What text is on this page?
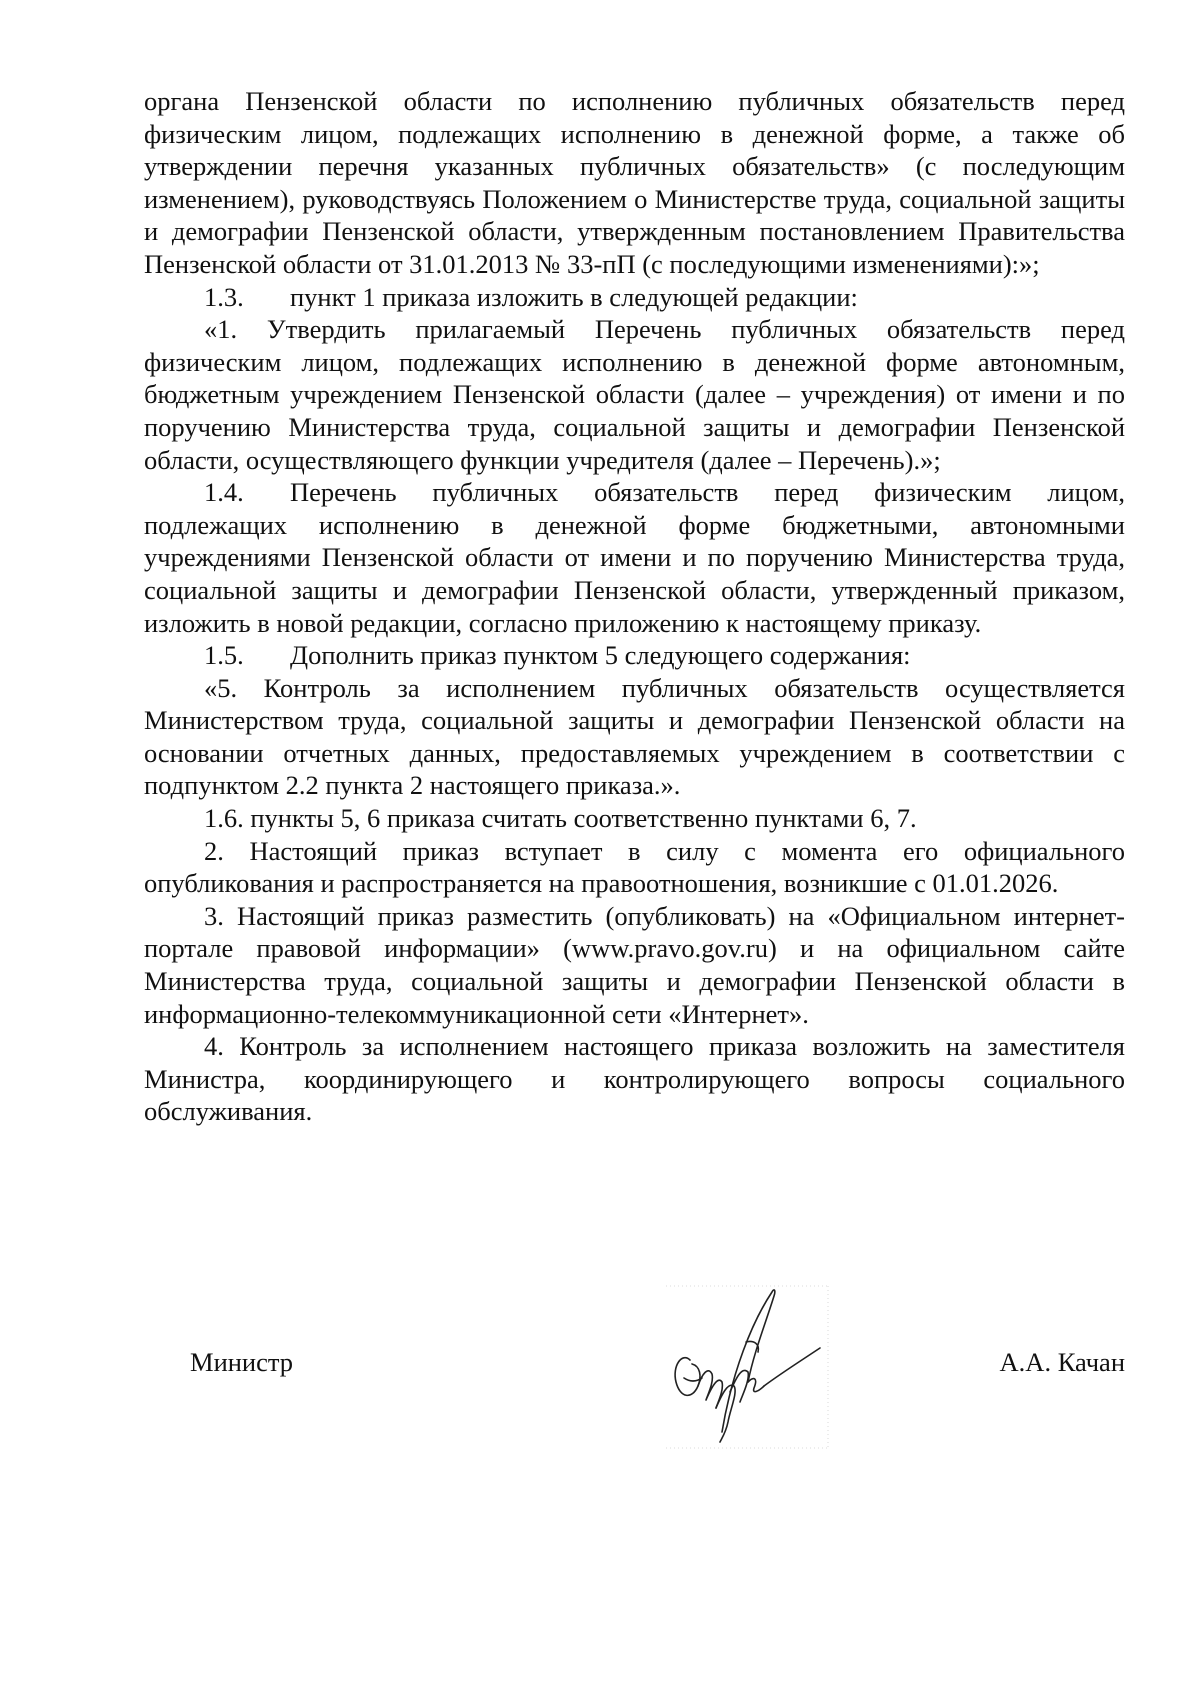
органа Пензенской области по исполнению публичных обязательств перед физическим лицом, подлежащих исполнению в денежной форме, а также об утверждении перечня указанных публичных обязательств» (с последующим изменением), руководствуясь Положением о Министерстве труда, социальной защиты и демографии Пензенской области, утвержденным постановлением Правительства Пензенской области от 31.01.2013 № 33-пП (с последующими изменениями):»;

1.3. пункт 1 приказа изложить в следующей редакции:

«1. Утвердить прилагаемый Перечень публичных обязательств перед физическим лицом, подлежащих исполнению в денежной форме автономным, бюджетным учреждением Пензенской области (далее – учреждения) от имени и по поручению Министерства труда, социальной защиты и демографии Пензенской области, осуществляющего функции учредителя (далее – Перечень).»;

1.4. Перечень публичных обязательств перед физическим лицом, подлежащих исполнению в денежной форме бюджетными, автономными учреждениями Пензенской области от имени и по поручению Министерства труда, социальной защиты и демографии Пензенской области, утвержденный приказом, изложить в новой редакции, согласно приложению к настоящему приказу.

1.5. Дополнить приказ пунктом 5 следующего содержания:

«5. Контроль за исполнением публичных обязательств осуществляется Министерством труда, социальной защиты и демографии Пензенской области на основании отчетных данных, предоставляемых учреждением в соответствии с подпунктом 2.2 пункта 2 настоящего приказа.».

1.6. пункты 5, 6 приказа считать соответственно пунктами 6, 7.

2. Настоящий приказ вступает в силу с момента его официального опубликования и распространяется на правоотношения, возникшие с 01.01.2026.

3. Настоящий приказ разместить (опубликовать) на «Официальном интернет-портале правовой информации» (www.pravo.gov.ru) и на официальном сайте Министерства труда, социальной защиты и демографии Пензенской области в информационно-телекоммуникационной сети «Интернет».

4. Контроль за исполнением настоящего приказа возложить на заместителя Министра, координирующего и контролирующего вопросы социального обслуживания.

Министр	А.А. Качан
